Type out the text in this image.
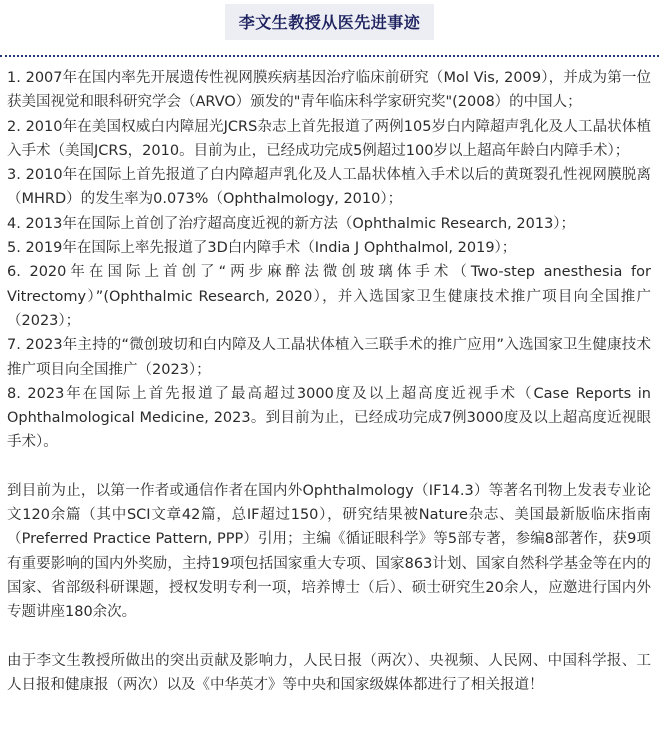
李文生教授从医先进事迹

1. 2007年在国内率先开展遗传性视网膜疾病基因治疗临床前研究（Mol Vis, 2009），并成为第一位获美国视觉和眼科研究学会（ARVO）颁发的"青年临床科学家研究奖"(2008）的中国人；

2. 2010年在美国权威白内障屈光JCRS杂志上首先报道了两例105岁白内障超声乳化及人工晶状体植入手术（美国JCRS，2010。目前为止，已经成功完成5例超过100岁以上超高年龄白内障手术）；

3. 2010年在国际上首先报道了白内障超声乳化及人工晶状体植入手术以后的黄斑裂孔性视网膜脱离（MHRD）的发生率为0.073%（Ophthalmology, 2010）；

4. 2013年在国际上首创了治疗超高度近视的新方法（Ophthalmic Research, 2013）；

5. 2019年在国际上率先报道了3D白内障手术（India J Ophthalmol, 2019）；

6. 2020年在国际上首创了“两步麻醉法微创玻璃体手术（Two-step anesthesia for Vitrectomy）”(Ophthalmic Research, 2020），并入选国家卫生健康技术推广项目向全国推广（2023）；

7. 2023年主持的“微创玻切和白内障及人工晶状体植入三联手术的推广应用”入选国家卫生健康技术推广项目向全国推广（2023）；

8. 2023年在国际上首先报道了最高超过3000度及以上超高度近视手术（Case Reports in Ophthalmological Medicine, 2023。到目前为止，已经成功完成7例3000度及以上超高度近视眼手术）。

到目前为止，以第一作者或通信作者在国内外Ophthalmology（IF14.3）等著名刊物上发表专业论文120余篇（其中SCI文章42篇，总IF超过150），研究结果被Nature杂志、美国最新版临床指南（Preferred Practice Pattern, PPP）引用；主编《循证眼科学》等5部专著，参编8部著作，获9项有重要影响的国内外奖励，主持19项包括国家重大专项、国家863计划、国家自然科学基金等在内的国家、省部级科研课题，授权发明专利一项，培养博士（后）、硕士研究生20余人，应邀进行国内外专题讲座180余次。

由于李文生教授所做出的突出贡献及影响力，人民日报（两次）、央视频、人民网、中国科学报、工人日报和健康报（两次）以及《中华英才》等中央和国家级媒体都进行了相关报道！
